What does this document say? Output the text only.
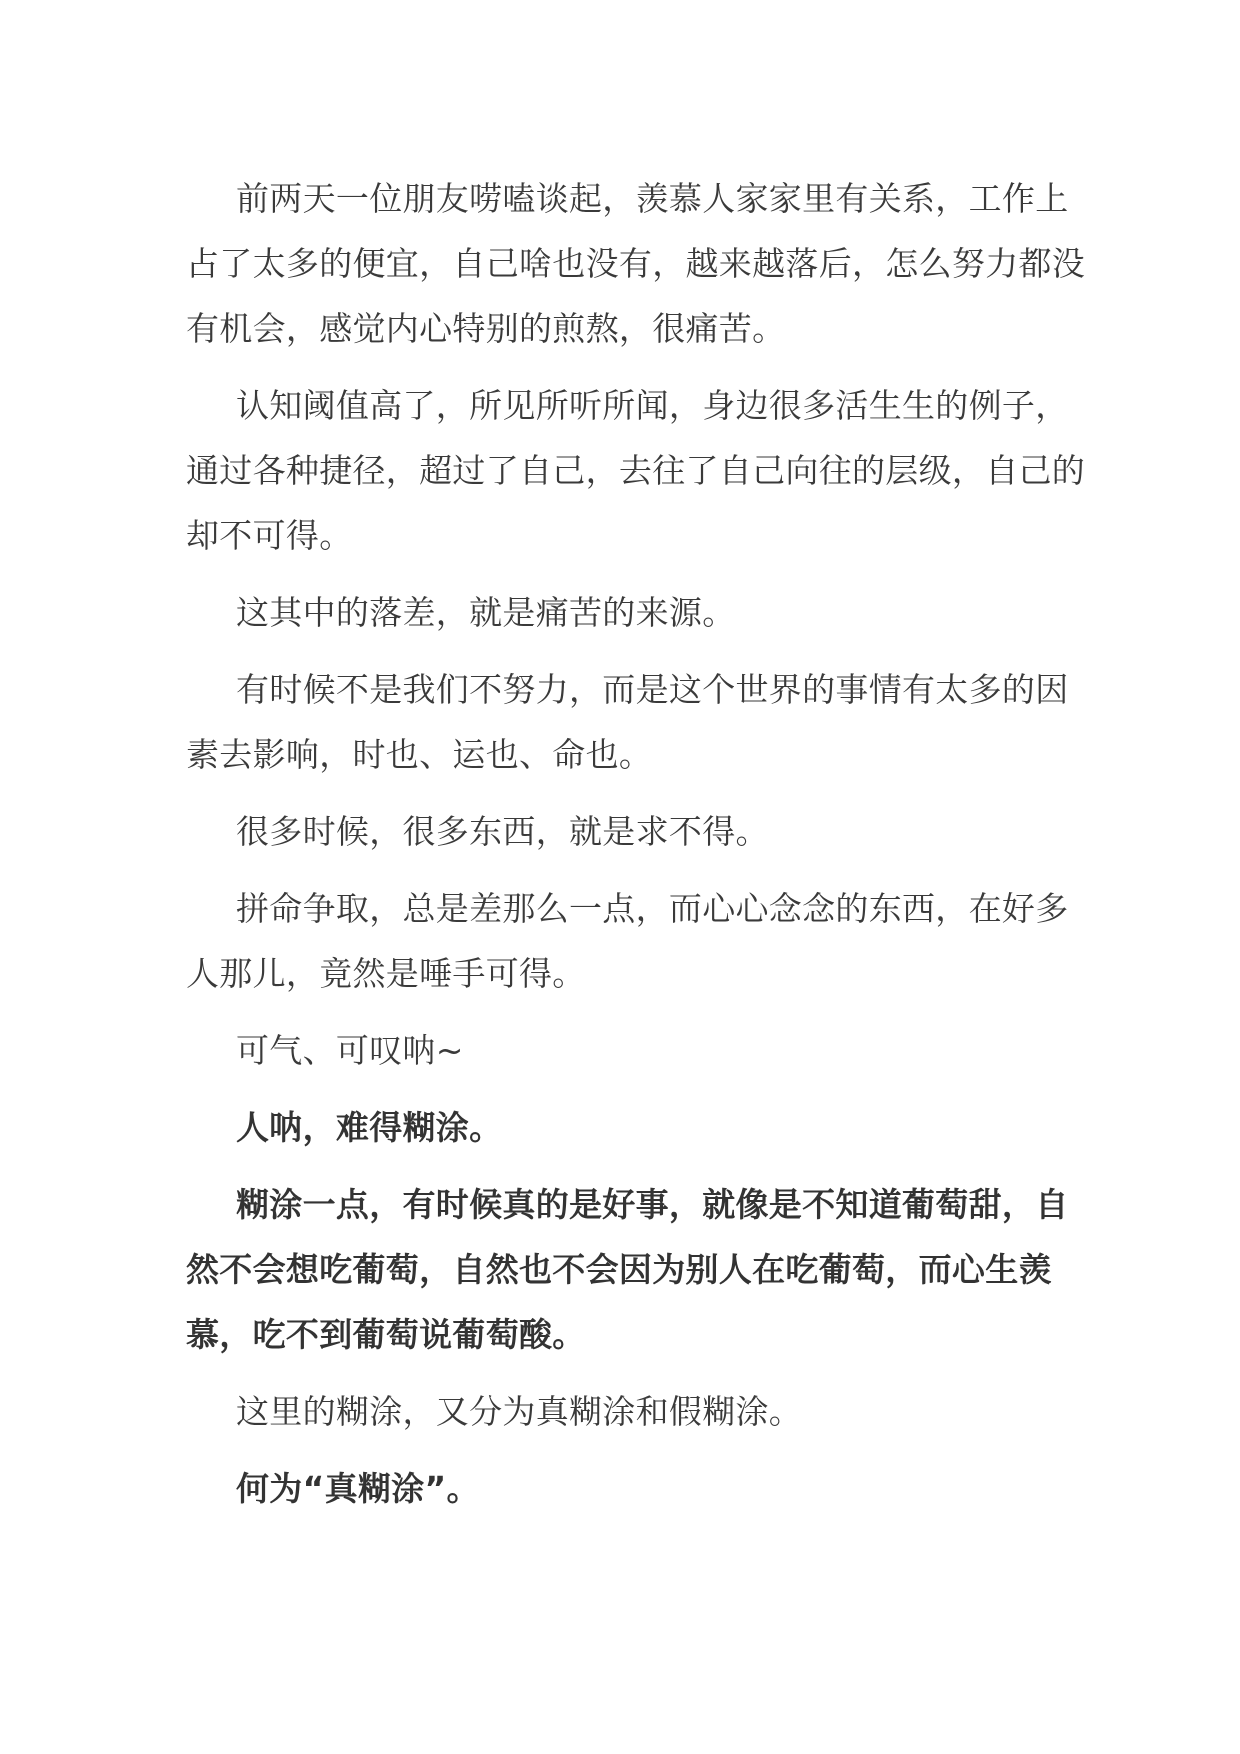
前两天一位朋友唠嗑谈起，羡慕人家家里有关系，工作上占了太多的便宜，自己啥也没有，越来越落后，怎么努力都没有机会，感觉内心特别的煎熬，很痛苦。

认知阈值高了，所见所听所闻，身边很多活生生的例子，通过各种捷径，超过了自己，去往了自己向往的层级，自己的却不可得。

这其中的落差，就是痛苦的来源。

有时候不是我们不努力，而是这个世界的事情有太多的因素去影响，时也、运也、命也。

很多时候，很多东西，就是求不得。

拼命争取，总是差那么一点，而心心念念的东西，在好多人那儿，竟然是唾手可得。

可气、可叹呐~

人呐，难得糊涂。

糊涂一点，有时候真的是好事，就像是不知道葡萄甜，自然不会想吃葡萄，自然也不会因为别人在吃葡萄，而心生羡慕，吃不到葡萄说葡萄酸。

这里的糊涂，又分为真糊涂和假糊涂。

何为“真糊涂”。
